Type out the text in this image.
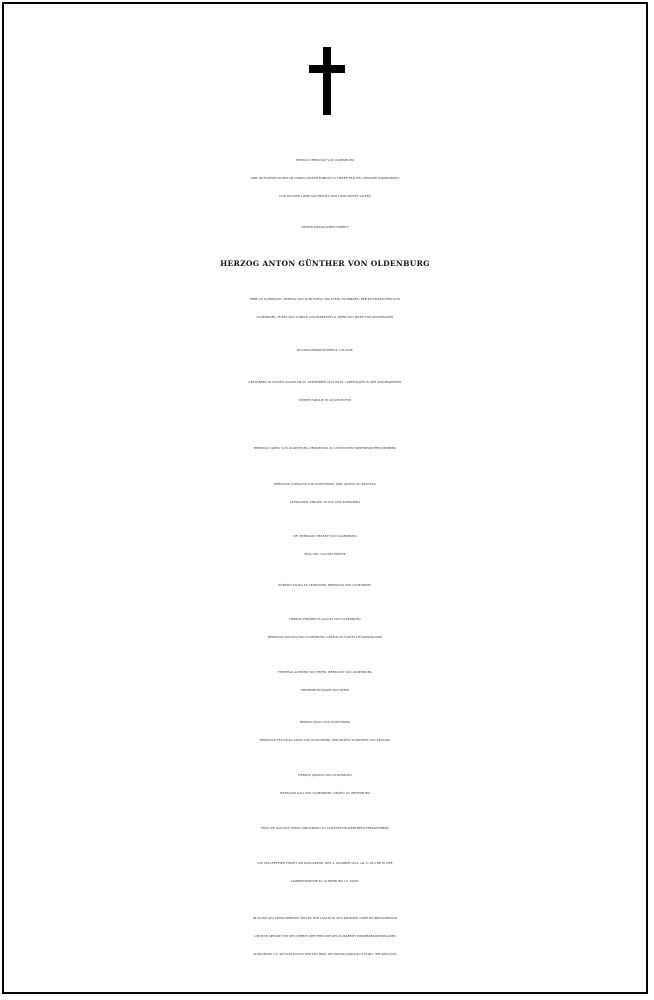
HERZOG CHRISTIAN VON OLDENBURG
GIBT IM EIGENEN SOWIE IM NAMEN SEINER FAMILIE IN TIEFER TRAUER, GROSSER DANKBARKEIT
UND INNIGER LIEBE NACHRICHT VOM TODE SEINES VATERS
SEINER KÖNIGLICHEN HOHEIT
HERZOG ANTON GÜNTHER VON OLDENBURG
ERBE ZU NORWEGEN, HERZOG VON SCHLESWIG, HOLSTEIN, STORMARN, DER DITTMARSCHEN UND
OLDENBURG, FÜRST VON LÜBECK UND BIRKENFELD, HERR VON JEVER UND KNYPHAUSEN
BUNDESVERDIENSTKREUZ 1.KLASSE
GESTORBEN IN GOTTES GNADE AM 20. SEPTEMBER 2014 IM 92. LEBENSJAHR IN DER GEBORGENHEIT
SEINER FAMILIE IN GÜLDENSTEIN
HERZOGIN AMELI VON OLDENBURG, PRINZESSIN ZU LÖWENSTEIN-WERTHEIM-FREUDENBERG
HERZOGIN CAROLINE VON OLDENBURG, GEB. GRÄFIN ZU RANTZAU
ALEXANDER, PHILIPP, ANTON UND KATHARINA
DR. HERZOGIN HELENE VON OLDENBURG
FRAU DR. CLAUDIA REICHE
FÜRSTIN EILIKA ZU LEININGEN, HERZOGIN VON OLDENBURG
HERZOG FRIEDRICH AUGUST VON OLDENBURG
HERZOGIN DONATA VON OLDENBURG, GRÄFIN ZU CASTELL-RÜDENHAUSEN
FREIFRAU ALTBURG VON ERFFA, HERZOGIN VON OLDENBURG
FREIHERR RÜDIGER VON ERFFA
HERZOG HUNO VON OLDENBURG
HERZOGIN FELICITAS-ANITA VON OLDENBURG, GEB.GRÄFIN SCHWERIN VON KROSIGK
HERZOG JOHANN VON OLDENBURG
HERZOGIN ILKA VON OLDENBURG, GRÄFIN ZU ORTENBURG
FRAU DR. PAULINE HORST, PRINZESSIN ZU LÖWENSTEIN-WERTHEIM-FREUDENBERG
DIE TRAUERFEIER FINDET AM SONNABEND, DEN 4. OKTOBER 2014, um 11:00 UHR IN DER
LAMBERTIKIRCHE ZU OLDENBURG I.O. STATT.
IM SINNE DES VERSTORBENEN BITTEN WIR ANSTELLE VON KRÄNZEN ODER BLUMENSCHMUCK
UM EINE SPENDE FÜR DEN VEREIN DER FREUNDE DES ELISABETH KINDERKRANKENHAUSES
OLDENBURG I.O. AUF DAS KONTO DER LZO IBAN: DE10280501000000412122 BIC: BRLADE21LZO
